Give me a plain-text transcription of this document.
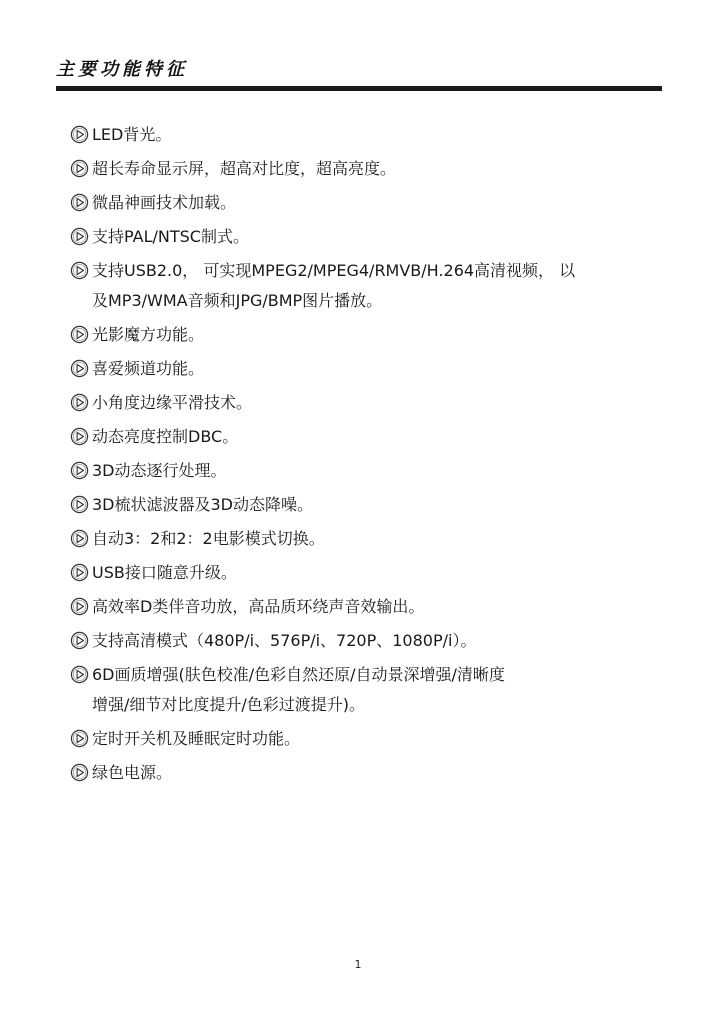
主要功能特征
LED背光。
超长寿命显示屏，超高对比度，超高亮度。
微晶神画技术加载。
支持PAL/NTSC制式。
支持USB2.0， 可实现MPEG2/MPEG4/RMVB/H.264高清视频， 以
及MP3/WMA音频和JPG/BMP图片播放。
光影魔方功能。
喜爱频道功能。
小角度边缘平滑技术。
动态亮度控制DBC。
3D动态逐行处理。
3D梳状滤波器及3D动态降噪。
自动3：2和2：2电影模式切换。
USB接口随意升级。
高效率D类伴音功放，高品质环绕声音效输出。
支持高清模式（480P/i、576P/i、720P、1080P/i）。
6D画质增强(肤色校准/色彩自然还原/自动景深增强/清晰度
增强/细节对比度提升/色彩过渡提升)。
定时开关机及睡眠定时功能。
绿色电源。
1
